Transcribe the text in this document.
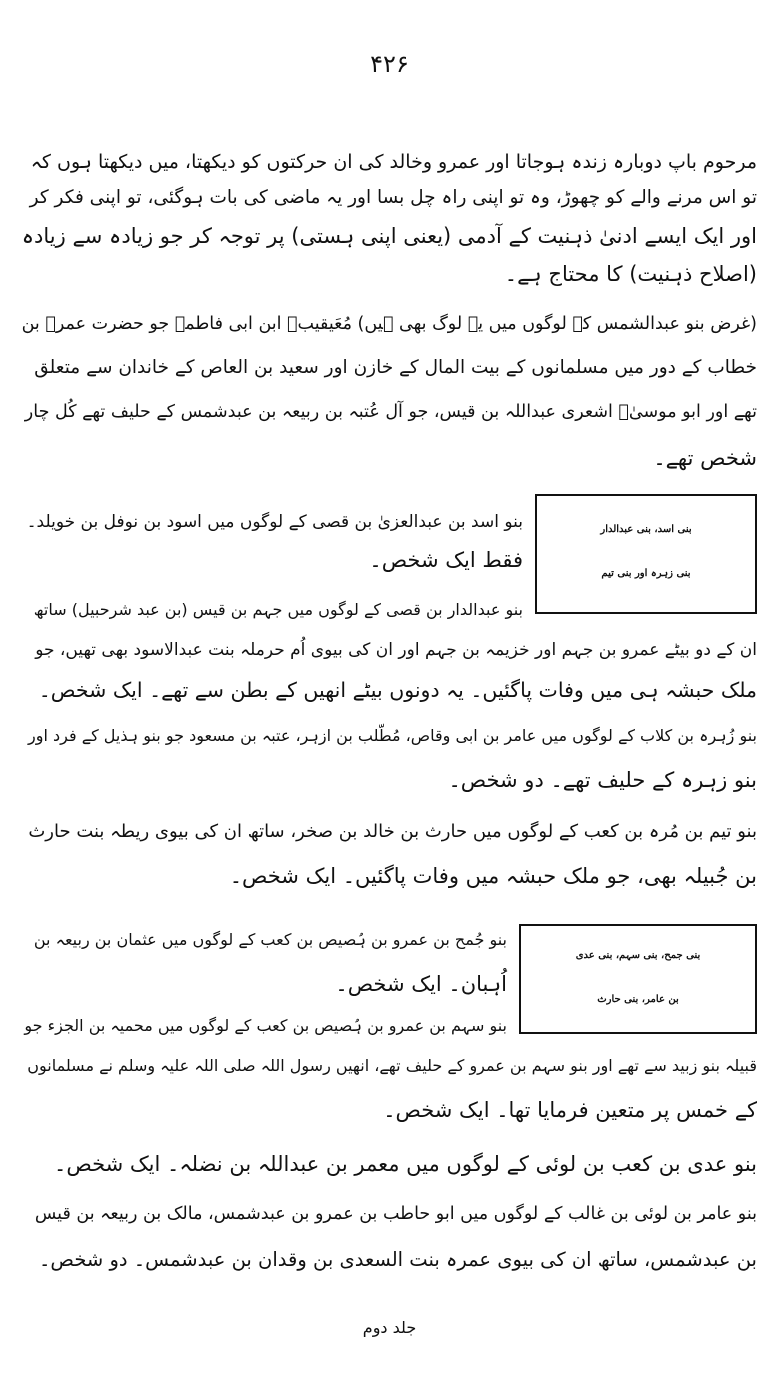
۴۲۶
مرحوم باپ دوبارہ زندہ ہوجاتا اور عمرو وخالد کی ان حرکتوں کو دیکھتا، میں دیکھتا ہوں کہ
تو اس مرنے والے کو چھوڑ، وہ تو اپنی راہ چل بسا اور یہ ماضی کی بات ہوگئی، تو اپنی فکر کر
اور ایک ایسے ادنیٰ ذہنیت کے آدمی (یعنی اپنی ہستی) پر توجہ کر جو زیادہ سے زیادہ
(اصلاح ذہنیت) کا محتاج ہے۔
(غرض بنو عبدالشمس کے لوگوں میں یہ لوگ بھی ہیں) مُعَیقیبؓ ابن ابی فاطمہ جو حضرت عمرؓ بن
خطاب کے دور میں مسلمانوں کے بیت المال کے خازن اور سعید بن العاص کے خاندان سے متعلق
تھے اور ابو موسیٰؓ اشعری عبداللہ بن قیس، جو آل عُتبہ بن ربیعہ بن عبدشمس کے حلیف تھے کُل چار
شخص تھے۔
بنی اسد، بنی عبدالدار
بنی زہرہ اور بنی تیم
بنو اسد بن عبدالعزیٰ بن قصی کے لوگوں میں اسود بن نوفل بن خویلد۔
فقط ایک شخص۔
بنو عبدالدار بن قصی کے لوگوں میں جہم بن قیس (بن عبد شرحبیل) ساتھ
ان کے دو بیٹے عمرو بن جہم اور خزیمہ بن جہم اور ان کی بیوی اُم حرملہ بنت عبدالاسود بھی تھیں، جو
ملک حبشہ ہی میں وفات پاگئیں۔ یہ دونوں بیٹے انھیں کے بطن سے تھے۔ ایک شخص۔
بنو زُہرہ بن کلاب کے لوگوں میں عامر بن ابی وقاص، مُطّلب بن ازہر، عتبہ بن مسعود جو بنو ہذیل کے فرد اور
بنو زہرہ کے حلیف تھے۔ دو شخص۔
بنو تیم بن مُرہ بن کعب کے لوگوں میں حارث بن خالد بن صخر، ساتھ ان کی بیوی ریطہ بنت حارث
بن جُبیلہ بھی، جو ملک حبشہ میں وفات پاگئیں۔ ایک شخص۔
بنی جمح، بنی سہم، بنی عدی
بن عامر، بنی حارث
بنو جُمح بن عمرو بن ہُصیص بن کعب کے لوگوں میں عثمان بن ربیعہ بن
اُہبان۔ ایک شخص۔
بنو سہم بن عمرو بن ہُصیص بن کعب کے لوگوں میں محمیہ بن الجزء جو
قبیلہ بنو زبید سے تھے اور بنو سہم بن عمرو کے حلیف تھے، انھیں رسول اللہ صلی اللہ علیہ وسلم نے مسلمانوں
کے خمس پر متعین فرمایا تھا۔ ایک شخص۔
بنو عدی بن کعب بن لوئی کے لوگوں میں معمر بن عبداللہ بن نضلہ۔ ایک شخص۔
بنو عامر بن لوئی بن غالب کے لوگوں میں ابو حاطب بن عمرو بن عبدشمس، مالک بن ربیعہ بن قیس
بن عبدشمس، ساتھ ان کی بیوی عمرہ بنت السعدی بن وقدان بن عبدشمس۔ دو شخص۔
جلد دوم
